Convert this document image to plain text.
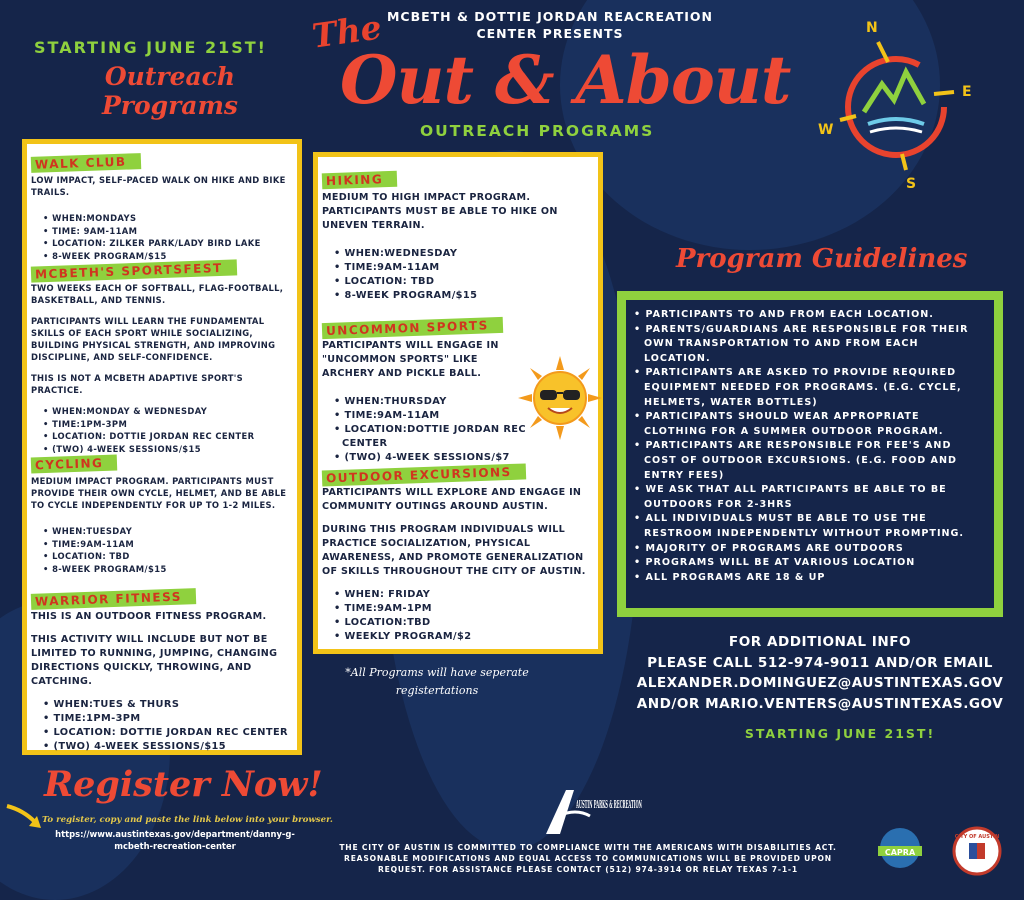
MCBETH & DOTTIE JORDAN REACREATION CENTER PRESENTS
The
Out & About
OUTREACH PROGRAMS
STARTING JUNE 21ST!
Outreach Programs
N
E
S
W
WALK CLUB
LOW IMPACT, SELF-PACED WALK ON HIKE AND BIKE TRAILS.
• WHEN:MONDAYS
• TIME: 9AM-11AM
• LOCATION: ZILKER PARK/LADY BIRD LAKE
• 8-WEEK PROGRAM/$15
MCBETH'S SPORTSFEST

TWO WEEKS EACH OF SOFTBALL, FLAG-FOOTBALL, BASKETBALL, AND TENNIS.

PARTICIPANTS WILL LEARN THE FUNDAMENTAL SKILLS OF EACH SPORT WHILE SOCIALIZING, BUILDING PHYSICAL STRENGTH, AND IMPROVING DISCIPLINE, AND SELF-CONFIDENCE.

THIS IS NOT A MCBETH ADAPTIVE SPORT'S PRACTICE.

• WHEN:MONDAY & WEDNESDAY
• TIME:1PM-3PM
• LOCATION: DOTTIE JORDAN REC CENTER
• (TWO) 4-WEEK SESSIONS/$15
CYCLING
MEDIUM IMPACT PROGRAM. PARTICIPANTS MUST PROVIDE THEIR OWN CYCLE, HELMET, AND BE ABLE TO CYCLE INDEPENDENTLY FOR UP TO 1-2 MILES.
• WHEN:TUESDAY
• TIME:9AM-11AM
• LOCATION: TBD
• 8-WEEK PROGRAM/$15
WARRIOR FITNESS

THIS IS AN OUTDOOR FITNESS PROGRAM.

THIS ACTIVITY WILL INCLUDE BUT NOT BE LIMITED TO RUNNING, JUMPING, CHANGING DIRECTIONS QUICKLY, THROWING, AND CATCHING.

• WHEN:TUES & THURS
• TIME:1PM-3PM
• LOCATION: DOTTIE JORDAN REC CENTER
• (TWO) 4-WEEK SESSIONS/$15
HIKING
MEDIUM TO HIGH IMPACT PROGRAM. PARTICIPANTS MUST BE ABLE TO HIKE ON UNEVEN TERRAIN.
• WHEN:WEDNESDAY
• TIME:9AM-11AM
• LOCATION: TBD
• 8-WEEK PROGRAM/$15
UNCOMMON SPORTS
PARTICIPANTS WILL ENGAGE IN "UNCOMMON SPORTS" LIKE ARCHERY AND PICKLE BALL.
• WHEN:THURSDAY
• TIME:9AM-11AM
• LOCATION:DOTTIE JORDAN REC CENTER
• (TWO) 4-WEEK SESSIONS/$7
OUTDOOR EXCURSIONS

PARTICIPANTS WILL EXPLORE AND ENGAGE IN COMMUNITY OUTINGS AROUND AUSTIN.

DURING THIS PROGRAM INDIVIDUALS WILL PRACTICE SOCIALIZATION, PHYSICAL AWARENESS, AND PROMOTE GENERALIZATION OF SKILLS THROUGHOUT THE CITY OF AUSTIN.

• WHEN: FRIDAY
• TIME:9AM-1PM
• LOCATION:TBD
• WEEKLY PROGRAM/$2
*All Programs will have seperate registertations
Program Guidelines
• PARTICIPANTS TO AND FROM EACH LOCATION.
• PARENTS/GUARDIANS ARE RESPONSIBLE FOR THEIR OWN TRANSPORTATION TO AND FROM EACH LOCATION.
• PARTICIPANTS ARE ASKED TO PROVIDE REQUIRED EQUIPMENT NEEDED FOR PROGRAMS. (E.G. CYCLE, HELMETS, WATER BOTTLES)
• PARTICIPANTS SHOULD WEAR APPROPRIATE CLOTHING FOR A SUMMER OUTDOOR PROGRAM.
• PARTICIPANTS ARE RESPONSIBLE FOR FEE'S AND COST OF OUTDOOR EXCURSIONS. (E.G. FOOD AND ENTRY FEES)
• WE ASK THAT ALL PARTICIPANTS BE ABLE TO BE OUTDOORS FOR 2-3HRS
• ALL INDIVIDUALS MUST BE ABLE TO USE THE RESTROOM INDEPENDENTLY WITHOUT PROMPTING.
• MAJORITY OF PROGRAMS ARE OUTDOORS
• PROGRAMS WILL BE AT VARIOUS LOCATION
• ALL PROGRAMS ARE 18 & UP
FOR ADDITIONAL INFO
PLEASE CALL 512-974-9011 AND/OR EMAIL
ALEXANDER.DOMINGUEZ@AUSTINTEXAS.GOV
AND/OR MARIO.VENTERS@AUSTINTEXAS.GOV
STARTING JUNE 21ST!
Register Now!
To register, copy and paste the link below into your browser.
https://www.austintexas.gov/department/danny-g-mcbeth-recreation-center
AUSTIN PARKS & RECREATION
THE CITY OF AUSTIN IS COMMITTED TO COMPLIANCE WITH THE AMERICANS WITH DISABILITIES ACT. REASONABLE MODIFICATIONS AND EQUAL ACCESS TO COMMUNICATIONS WILL BE PROVIDED UPON REQUEST. FOR ASSISTANCE PLEASE CONTACT (512) 974-3914 OR RELAY TEXAS 7-1-1
CAPRA
CITY OF AUSTIN
